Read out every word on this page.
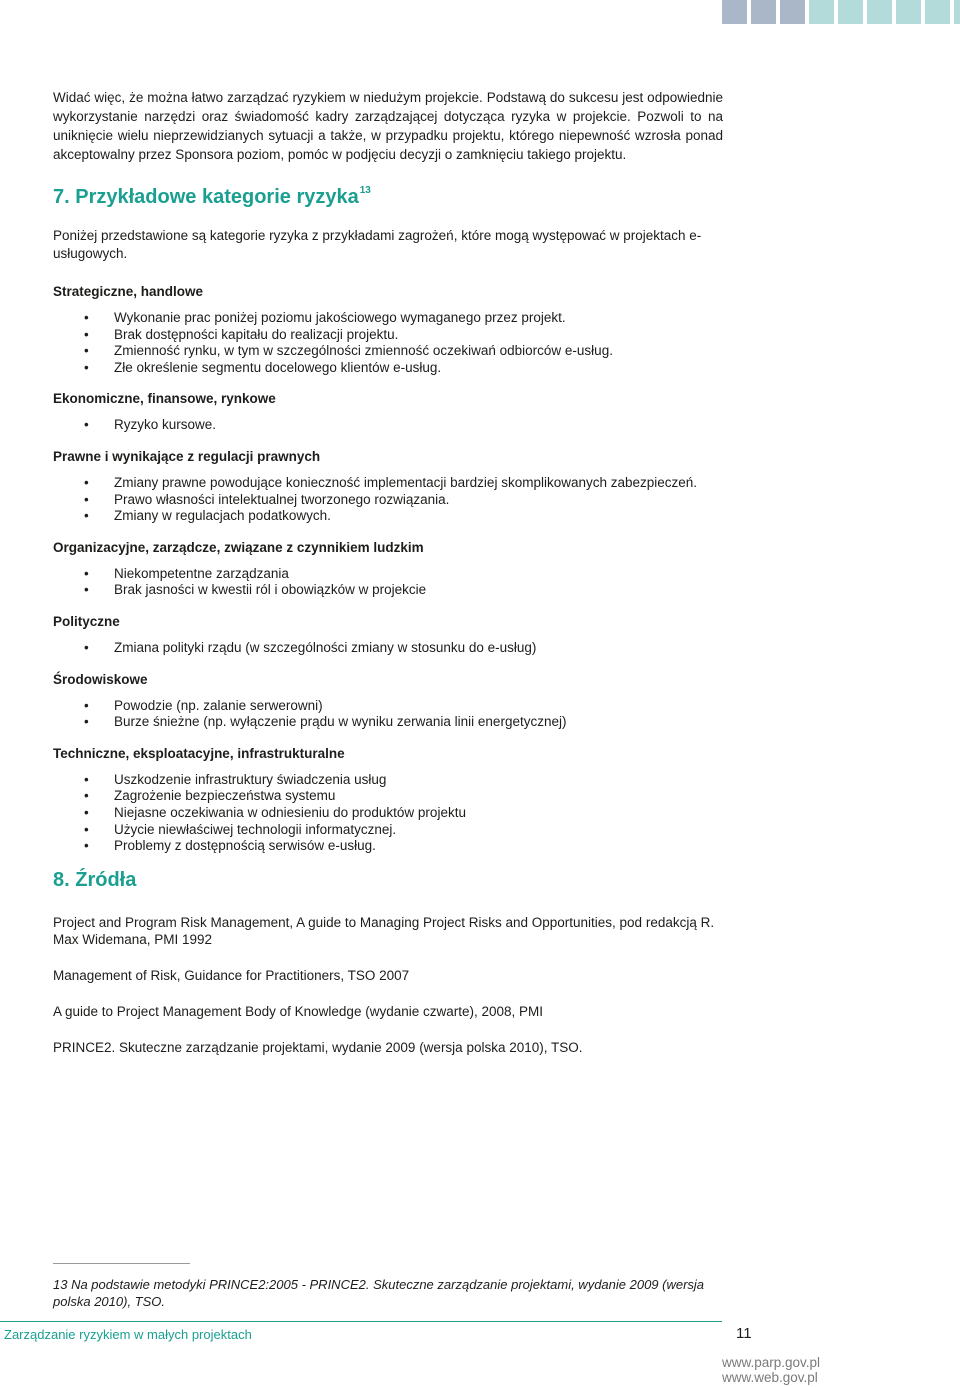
Widać więc, że można łatwo zarządzać ryzykiem w niedużym projekcie. Podstawą do sukcesu jest odpowiednie wykorzystanie narzędzi oraz świadomość kadry zarządzającej dotycząca ryzyka w projekcie. Pozwoli to na uniknięcie wielu nieprzewidzianych sytuacji a także, w przypadku projektu, którego niepewność wzrosła ponad akceptowalny przez Sponsora poziom, pomóc w podjęciu decyzji o zamknięciu takiego projektu.

7. Przykładowe kategorie ryzyka$^{13}$

Poniżej przedstawione są kategorie ryzyka z przykładami zagrożeń, które mogą występować w projektach e-usługowych.

Strategiczne, handlowe
• Wykonanie prac poniżej poziomu jakościowego wymaganego przez projekt.
• Brak dostępności kapitału do realizacji projektu.
• Zmienność rynku, w tym w szczególności zmienność oczekiwań odbiorców e-usług.
• Złe określenie segmentu docelowego klientów e-usług.
Ekonomiczne, finansowe, rynkowe
• Ryzyko kursowe.
Prawne i wynikające z regulacji prawnych
• Zmiany prawne powodujące konieczność implementacji bardziej skomplikowanych zabezpieczeń.
• Prawo własności intelektualnej tworzonego rozwiązania.
• Zmiany w regulacjach podatkowych.
Organizacyjne, zarządcze, związane z czynnikiem ludzkim
• Niekompetentne zarządzania
• Brak jasności w kwestii ról i obowiązków w projekcie
Polityczne
• Zmiana polityki rządu (w szczególności zmiany w stosunku do e-usług)
Środowiskowe
• Powodzie (np. zalanie serwerowni)
• Burze śnieżne (np. wyłączenie prądu w wyniku zerwania linii energetycznej)
Techniczne, eksploatacyjne, infrastrukturalne
• Uszkodzenie infrastruktury świadczenia usług
• Zagrożenie bezpieczeństwa systemu
• Niejasne oczekiwania w odniesieniu do produktów projektu
• Użycie niewłaściwej technologii informatycznej.
• Problemy z dostępnością serwisów e-usług.
8. Źródła

Project and Program Risk Management, A guide to Managing Project Risks and Opportunities, pod redakcją R. Max Widemana, PMI 1992

Management of Risk, Guidance for Practitioners, TSO 2007

A guide to Project Management Body of Knowledge (wydanie czwarte), 2008, PMI

PRINCE2. Skuteczne zarządzanie projektami, wydanie 2009 (wersja polska 2010), TSO.

13 Na podstawie metodyki PRINCE2:2005 - PRINCE2. Skuteczne zarządzanie projektami, wydanie 2009 (wersja polska 2010), TSO.

Zarządzanie ryzykiem w małych projektach	11
www.parp.gov.pl
www.web.gov.pl
